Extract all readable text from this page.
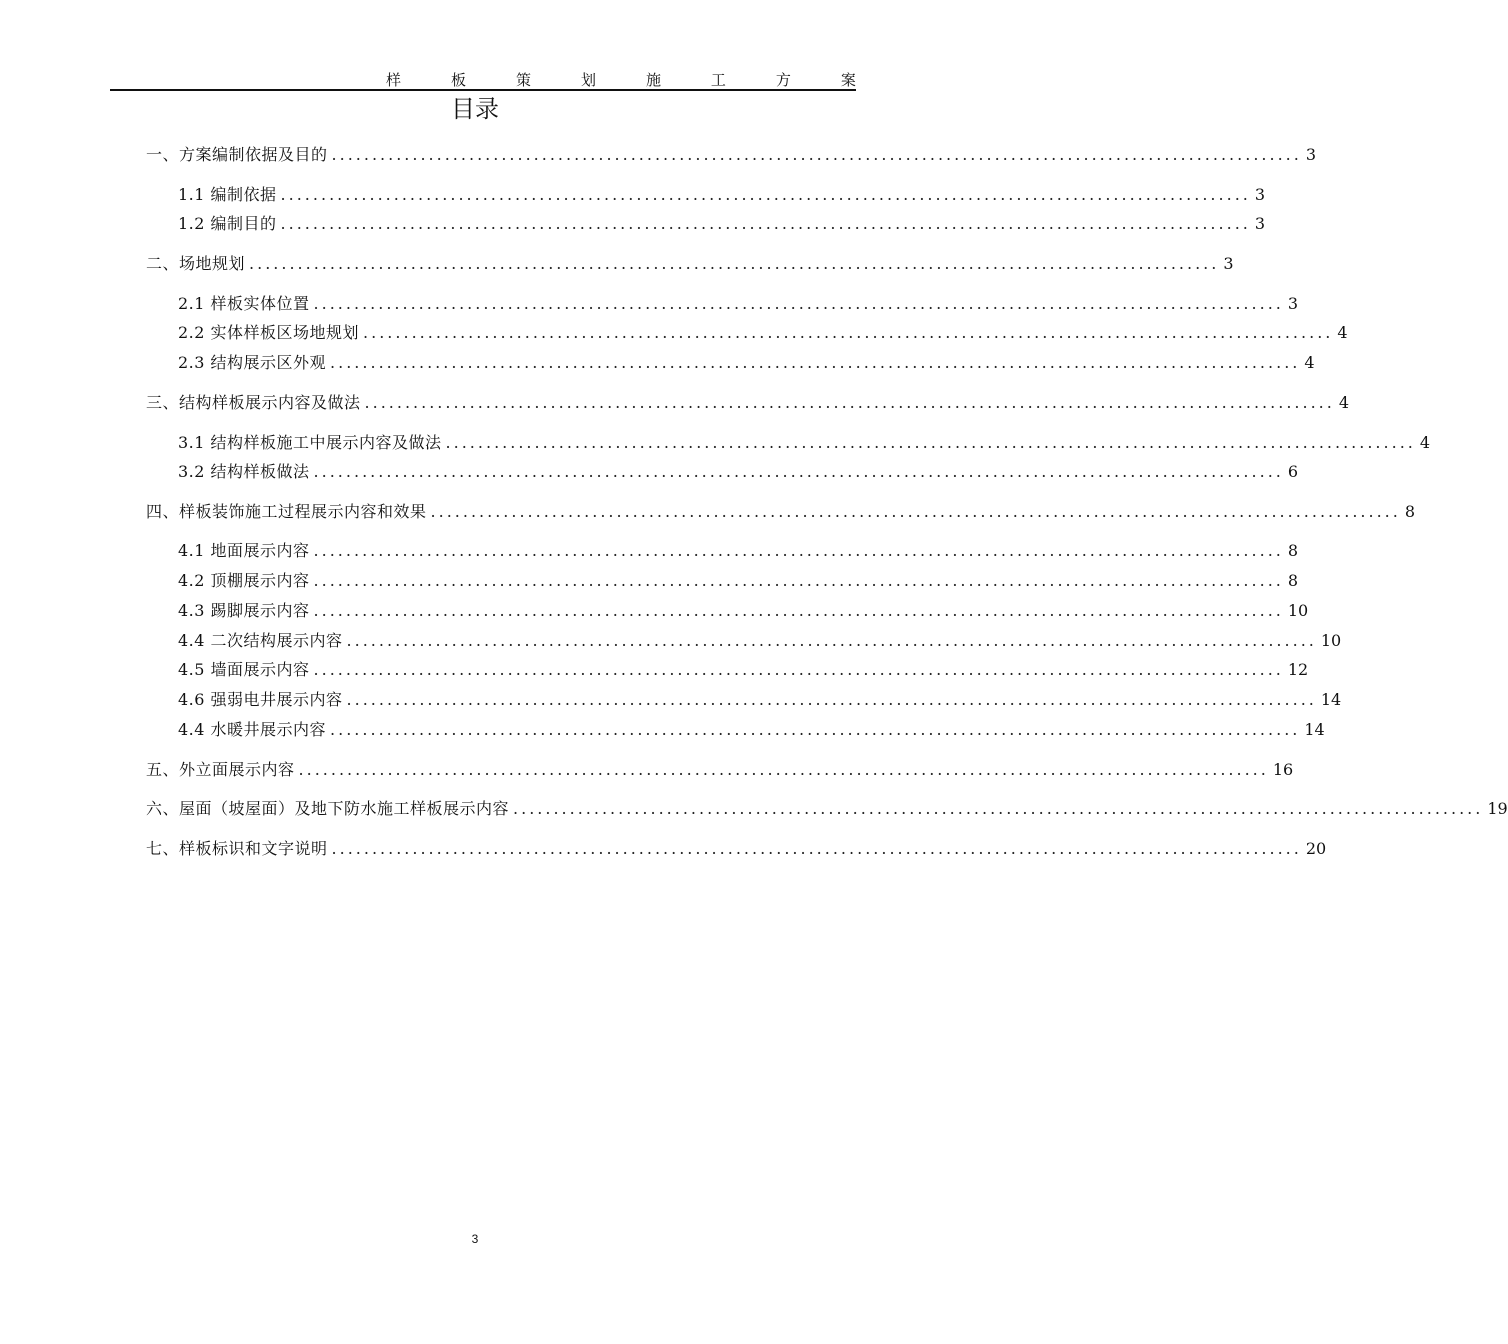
样	板	策	划	施	工	方	案
目录
一、方案编制依据及目的 ........................................................................................................................ 3
1.1 编制依据 ........................................................................................................................ 3
1.2 编制目的 ........................................................................................................................ 3
二、场地规划 ........................................................................................................................ 3
2.1 样板实体位置 ........................................................................................................................ 3
2.2 实体样板区场地规划 ........................................................................................................................ 4
2.3 结构展示区外观 ........................................................................................................................ 4
三、结构样板展示内容及做法 ........................................................................................................................ 4
3.1 结构样板施工中展示内容及做法 ........................................................................................................................ 4
3.2 结构样板做法 ........................................................................................................................ 6
四、样板装饰施工过程展示内容和效果 ........................................................................................................................ 8
4.1 地面展示内容 ........................................................................................................................ 8
4.2 顶棚展示内容 ........................................................................................................................ 8
4.3 踢脚展示内容 ........................................................................................................................ 10
4.4 二次结构展示内容 ........................................................................................................................ 10
4.5 墙面展示内容 ........................................................................................................................ 12
4.6 强弱电井展示内容 ........................................................................................................................ 14
4.4 水暖井展示内容 ........................................................................................................................ 14
五、外立面展示内容 ........................................................................................................................ 16
六、屋面（坡屋面）及地下防水施工样板展示内容 ........................................................................................................................ 19
七、样板标识和文字说明 ........................................................................................................................ 20
3
